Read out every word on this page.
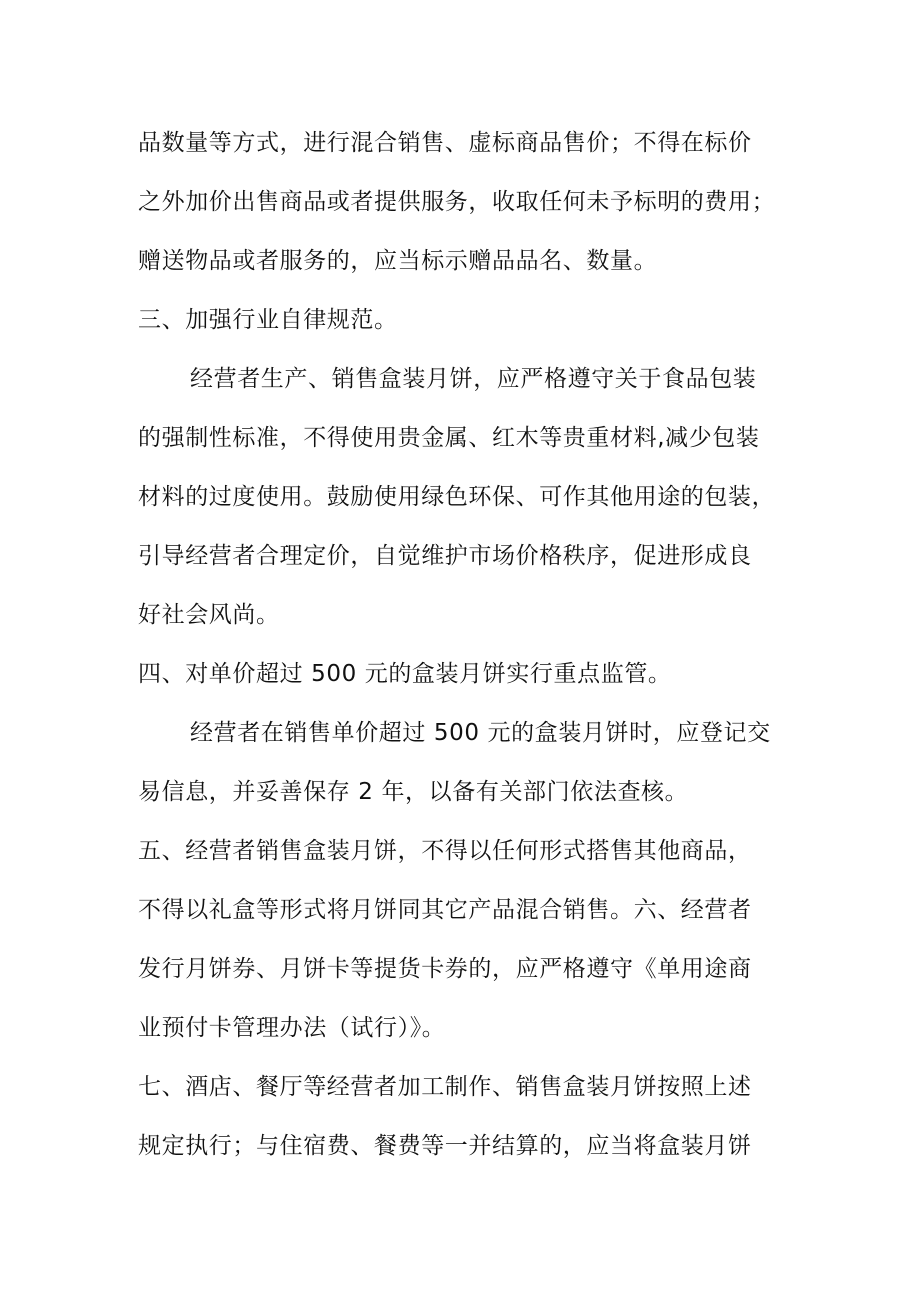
品数量等方式，进行混合销售、虚标商品售价；不得在标价

之外加价出售商品或者提供服务，收取任何未予标明的费用；

赠送物品或者服务的，应当标示赠品品名、数量。

三、加强行业自律规范。

经营者生产、销售盒装月饼，应严格遵守关于食品包装

的强制性标准，不得使用贵金属、红木等贵重材料,减少包装

材料的过度使用。鼓励使用绿色环保、可作其他用途的包装，

引导经营者合理定价，自觉维护市场价格秩序，促进形成良

好社会风尚。

四、对单价超过 500 元的盒装月饼实行重点监管。

经营者在销售单价超过 500 元的盒装月饼时，应登记交

易信息，并妥善保存 2 年，以备有关部门依法查核。

五、经营者销售盒装月饼，不得以任何形式搭售其他商品，

不得以礼盒等形式将月饼同其它产品混合销售。六、经营者

发行月饼券、月饼卡等提货卡券的，应严格遵守《单用途商

业预付卡管理办法（试行）》。

七、酒店、餐厅等经营者加工制作、销售盒装月饼按照上述

规定执行；与住宿费、餐费等一并结算的，应当将盒装月饼
